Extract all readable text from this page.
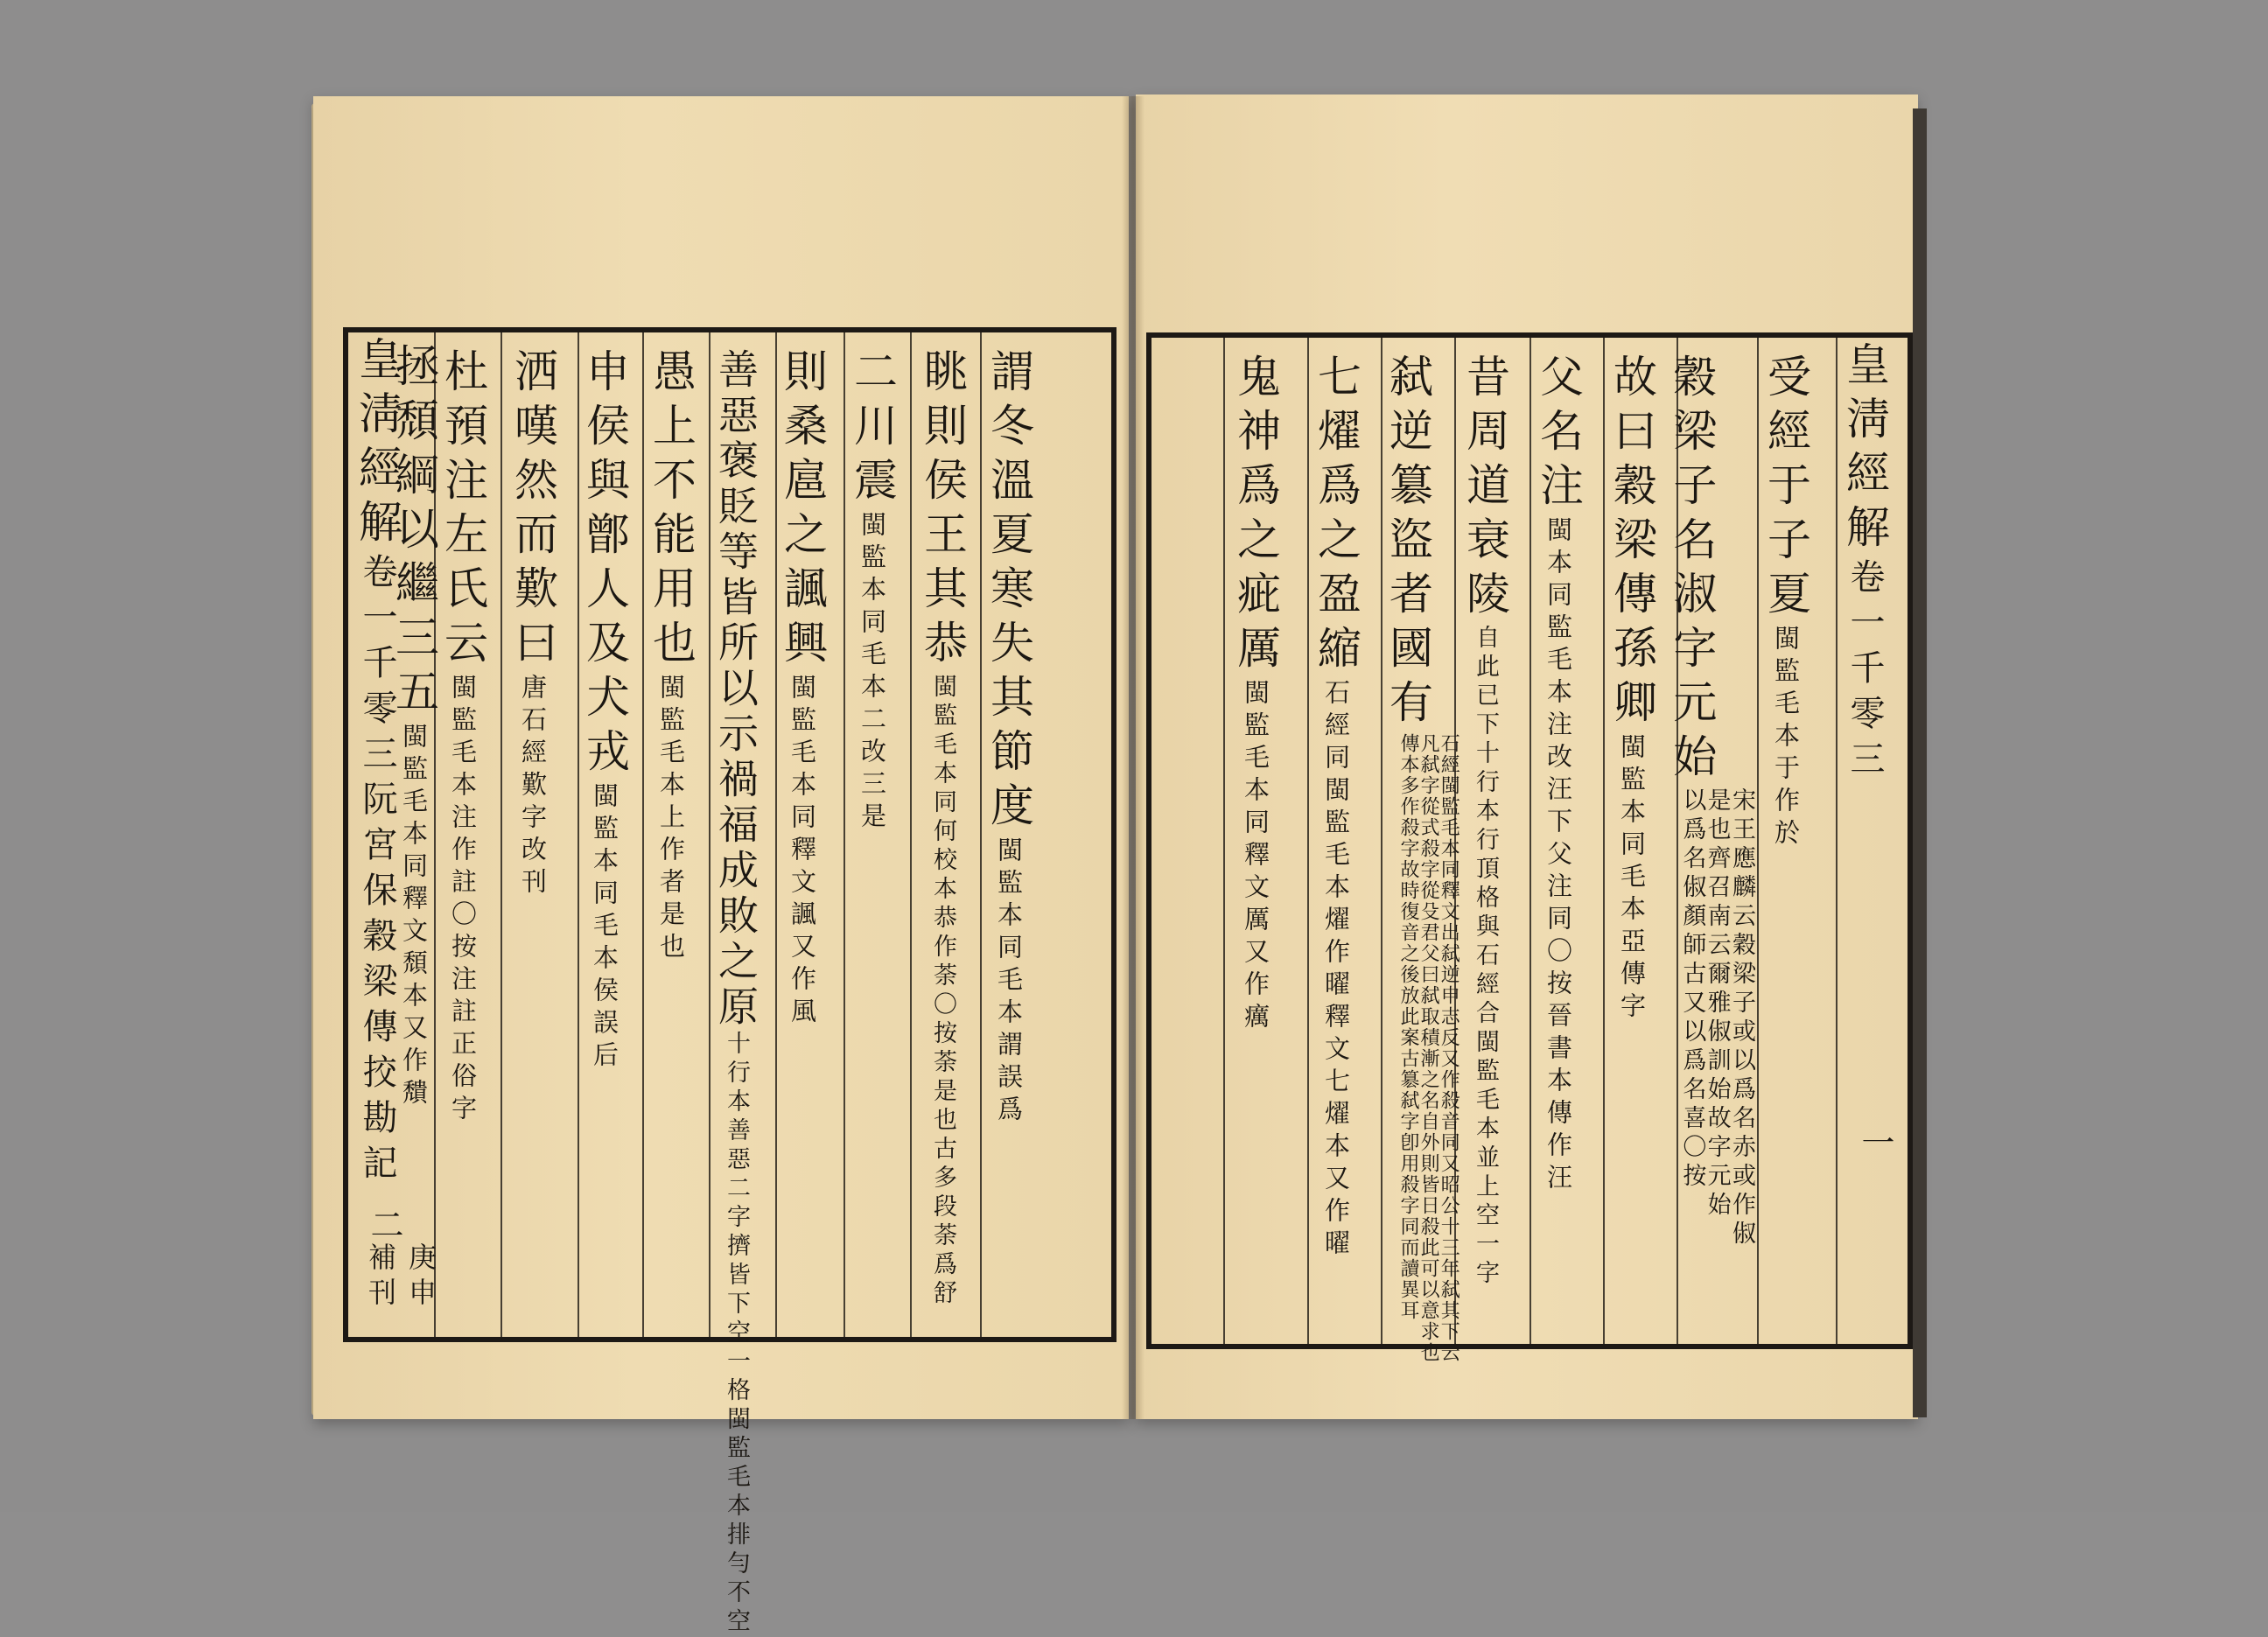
皇淸經解卷一千零三阮宮保穀梁傳挍勘記
二
庚申補刊
謂冬溫夏寒失其節度閩監本同毛本謂誤爲
眺則侯王其恭閩監毛本同何校本恭作荼〇按荼是也古多段荼爲舒
二川震閩監本同毛本二改三是
則桑扈之諷興閩監毛本同釋文諷又作風
善惡褒貶等皆所以示禍福成敗之原十行本善惡二字擠皆下空一格閩監毛本排勻不空
愚上不能用也閩監毛本上作者是也
申侯與鄫人及犬戎閩監本同毛本侯誤后
洒嘆然而歎曰唐石經歎字改刊
杜預注左氏云閩監毛本注作註〇按注註正俗字
拯頹綱以繼三五閩監毛本同釋文頹本又作穨
皇淸經解卷一千零三
一
受經于子夏閩監毛本于作於
穀梁子名淑字元始宋王應麟云穀梁子或以爲名赤或作俶是也齊召南云爾雅俶訓始故字元始 以爲名俶顏師古又以爲名喜〇按
故曰穀梁傳孫卿閩監本同毛本亞傳字
父名注閩本同監毛本注改汪下父注同〇按晉書本傳作汪
昔周道衰陵自此已下十行本行頂格與石經合閩監毛本並上空一字
弑逆簒盜者國有石經閩監毛本同釋文出弑逆申志反又作殺音同又昭公十三年弑其下云凡弑字從式殺字從殳君父曰弑取積漸之名自外則皆日殺此可以意求也傳本多作殺字故時復音之後放此案古簒弑字卽用殺字同而讀異耳
七燿爲之盈縮石經同閩監毛本燿作曜釋文七燿本又作曜
鬼神爲之疵厲閩監毛本同釋文厲又作癘
